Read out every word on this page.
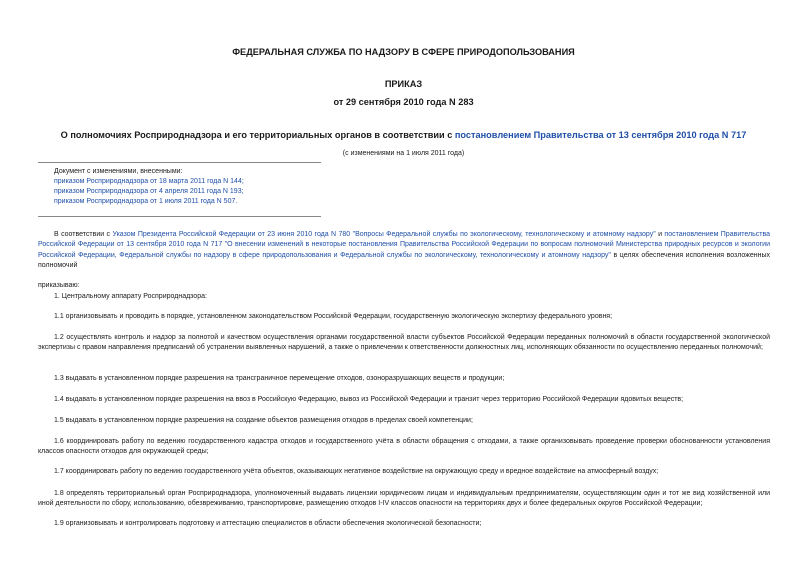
ФЕДЕРАЛЬНАЯ СЛУЖБА ПО НАДЗОРУ В СФЕРЕ ПРИРОДОПОЛЬЗОВАНИЯ

ПРИКАЗ

от 29 сентября 2010 года N 283

О полномочиях Росприроднадзора и его территориальных органов в соответствии с постановлением Правительства от 13 сентября 2010 года N 717

(с изменениями на 1 июля 2011 года)

Документ с изменениями, внесенными:

приказом Росприроднадзора от 18 марта 2011 года N 144;

приказом Росприроднадзора от 4 апреля 2011 года N 193;

приказом Росприроднадзора от 1 июля 2011 года N 507.

В соответствии с Указом Президента Российской Федерации от 23 июня 2010 года N 780 "Вопросы Федеральной службы по экологическому, технологическому и атомному надзору" и постановлением Правительства Российской Федерации от 13 сентября 2010 года N 717 "О внесении изменений в некоторые постановления Правительства Российской Федерации по вопросам полномочий Министерства природных ресурсов и экологии Российской Федерации, Федеральной службы по надзору в сфере природопользования и Федеральной службы по экологическому, технологическому и атомному надзору" в целях обеспечения исполнения возложенных полномочий

приказываю:

1. Центральному аппарату Росприроднадзора:

1.1 организовывать и проводить в порядке, установленном законодательством Российской Федерации, государственную экологическую экспертизу федерального уровня;

1.2 осуществлять контроль и надзор за полнотой и качеством осуществления органами государственной власти субъектов Российской Федерации переданных полномочий в области государственной экологической экспертизы с правом направления предписаний об устранении выявленных нарушений, а также о привлечении к ответственности должностных лиц, исполняющих обязанности по осуществлению переданных полномочий;

1.3 выдавать в установленном порядке разрешения на трансграничное перемещение отходов, озоноразрушающих веществ и продукции;

1.4 выдавать в установленном порядке разрешения на ввоз в Российскую Федерацию, вывоз из Российской Федерации и транзит через территорию Российской Федерации ядовитых веществ;

1.5 выдавать в установленном порядке разрешения на создание объектов размещения отходов в пределах своей компетенции;

1.6 координировать работу по ведению государственного кадастра отходов и государственного учёта в области обращения с отходами, а также организовывать проведение проверки обоснованности установления классов опасности отходов для окружающей среды;

1.7 координировать работу по ведению государственного учёта объектов, оказывающих негативное воздействие на окружающую среду и вредное воздействие на атмосферный воздух;

1.8 определять территориальный орган Росприроднадзора, уполномоченный выдавать лицензии юридическим лицам и индивидуальным предпринимателям, осуществляющим один и тот же вид хозяйственной или иной деятельности по сбору, использованию, обезвреживанию, транспортировке, размещению отходов I-IV классов опасности на территориях двух и более федеральных округов Российской Федерации;

1.9 организовывать и контролировать подготовку и аттестацию специалистов в области обеспечения экологической безопасности;
